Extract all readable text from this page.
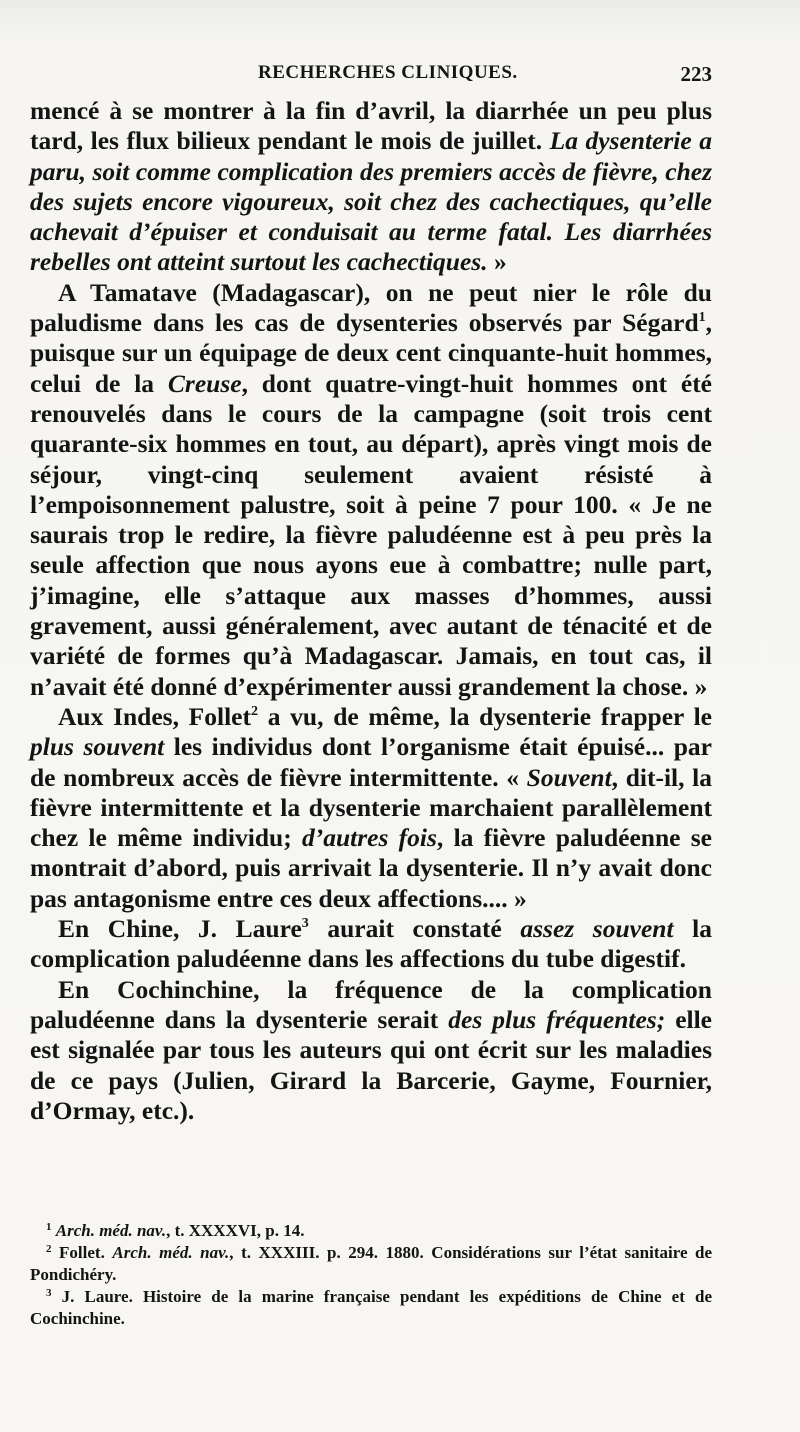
RECHERCHES CLINIQUES.	223

mencé à se montrer à la fin d’avril, la diarrhée un peu plus tard, les flux bilieux pendant le mois de juillet. La dysenterie a paru, soit comme complication des premiers accès de fièvre, chez des sujets encore vigoureux, soit chez des cachectiques, qu’elle achevait d’épuiser et conduisait au terme fatal. Les diarrhées rebelles ont atteint surtout les cachectiques. »

A Tamatave (Madagascar), on ne peut nier le rôle du paludisme dans les cas de dysenteries observés par Ségard$^1$, puisque sur un équipage de deux cent cinquante-huit hommes, celui de la Creuse, dont quatre-vingt-huit hommes ont été renouvelés dans le cours de la campagne (soit trois cent quarante-six hommes en tout, au départ), après vingt mois de séjour, vingt-cinq seulement avaient résisté à l’empoisonnement palustre, soit à peine 7 pour 100. « Je ne saurais trop le redire, la fièvre paludéenne est à peu près la seule affection que nous ayons eue à combattre; nulle part, j’imagine, elle s’attaque aux masses d’hommes, aussi gravement, aussi généralement, avec autant de ténacité et de variété de formes qu’à Madagascar. Jamais, en tout cas, il n’avait été donné d’expérimenter aussi grandement la chose. »

Aux Indes, Follet$^2$ a vu, de même, la dysenterie frapper le plus souvent les individus dont l’organisme était épuisé... par de nombreux accès de fièvre intermittente. « Souvent, dit-il, la fièvre intermittente et la dysenterie marchaient parallèlement chez le même individu; d’autres fois, la fièvre paludéenne se montrait d’abord, puis arrivait la dysenterie. Il n’y avait donc pas antagonisme entre ces deux affections.... »

En Chine, J. Laure$^3$ aurait constaté assez souvent la complication paludéenne dans les affections du tube digestif.

En Cochinchine, la fréquence de la complication paludéenne dans la dysenterie serait des plus fréquentes; elle est signalée par tous les auteurs qui ont écrit sur les maladies de ce pays (Julien, Girard la Barcerie, Gayme, Fournier, d’Ormay, etc.).

$^1$ Arch. méd. nav., t. XXXXVI, p. 14.

$^2$ Follet. Arch. méd. nav., t. XXXIII. p. 294. 1880. Considérations sur l’état sanitaire de Pondichéry.

$^3$ J. Laure. Histoire de la marine française pendant les expéditions de Chine et de Cochinchine.
